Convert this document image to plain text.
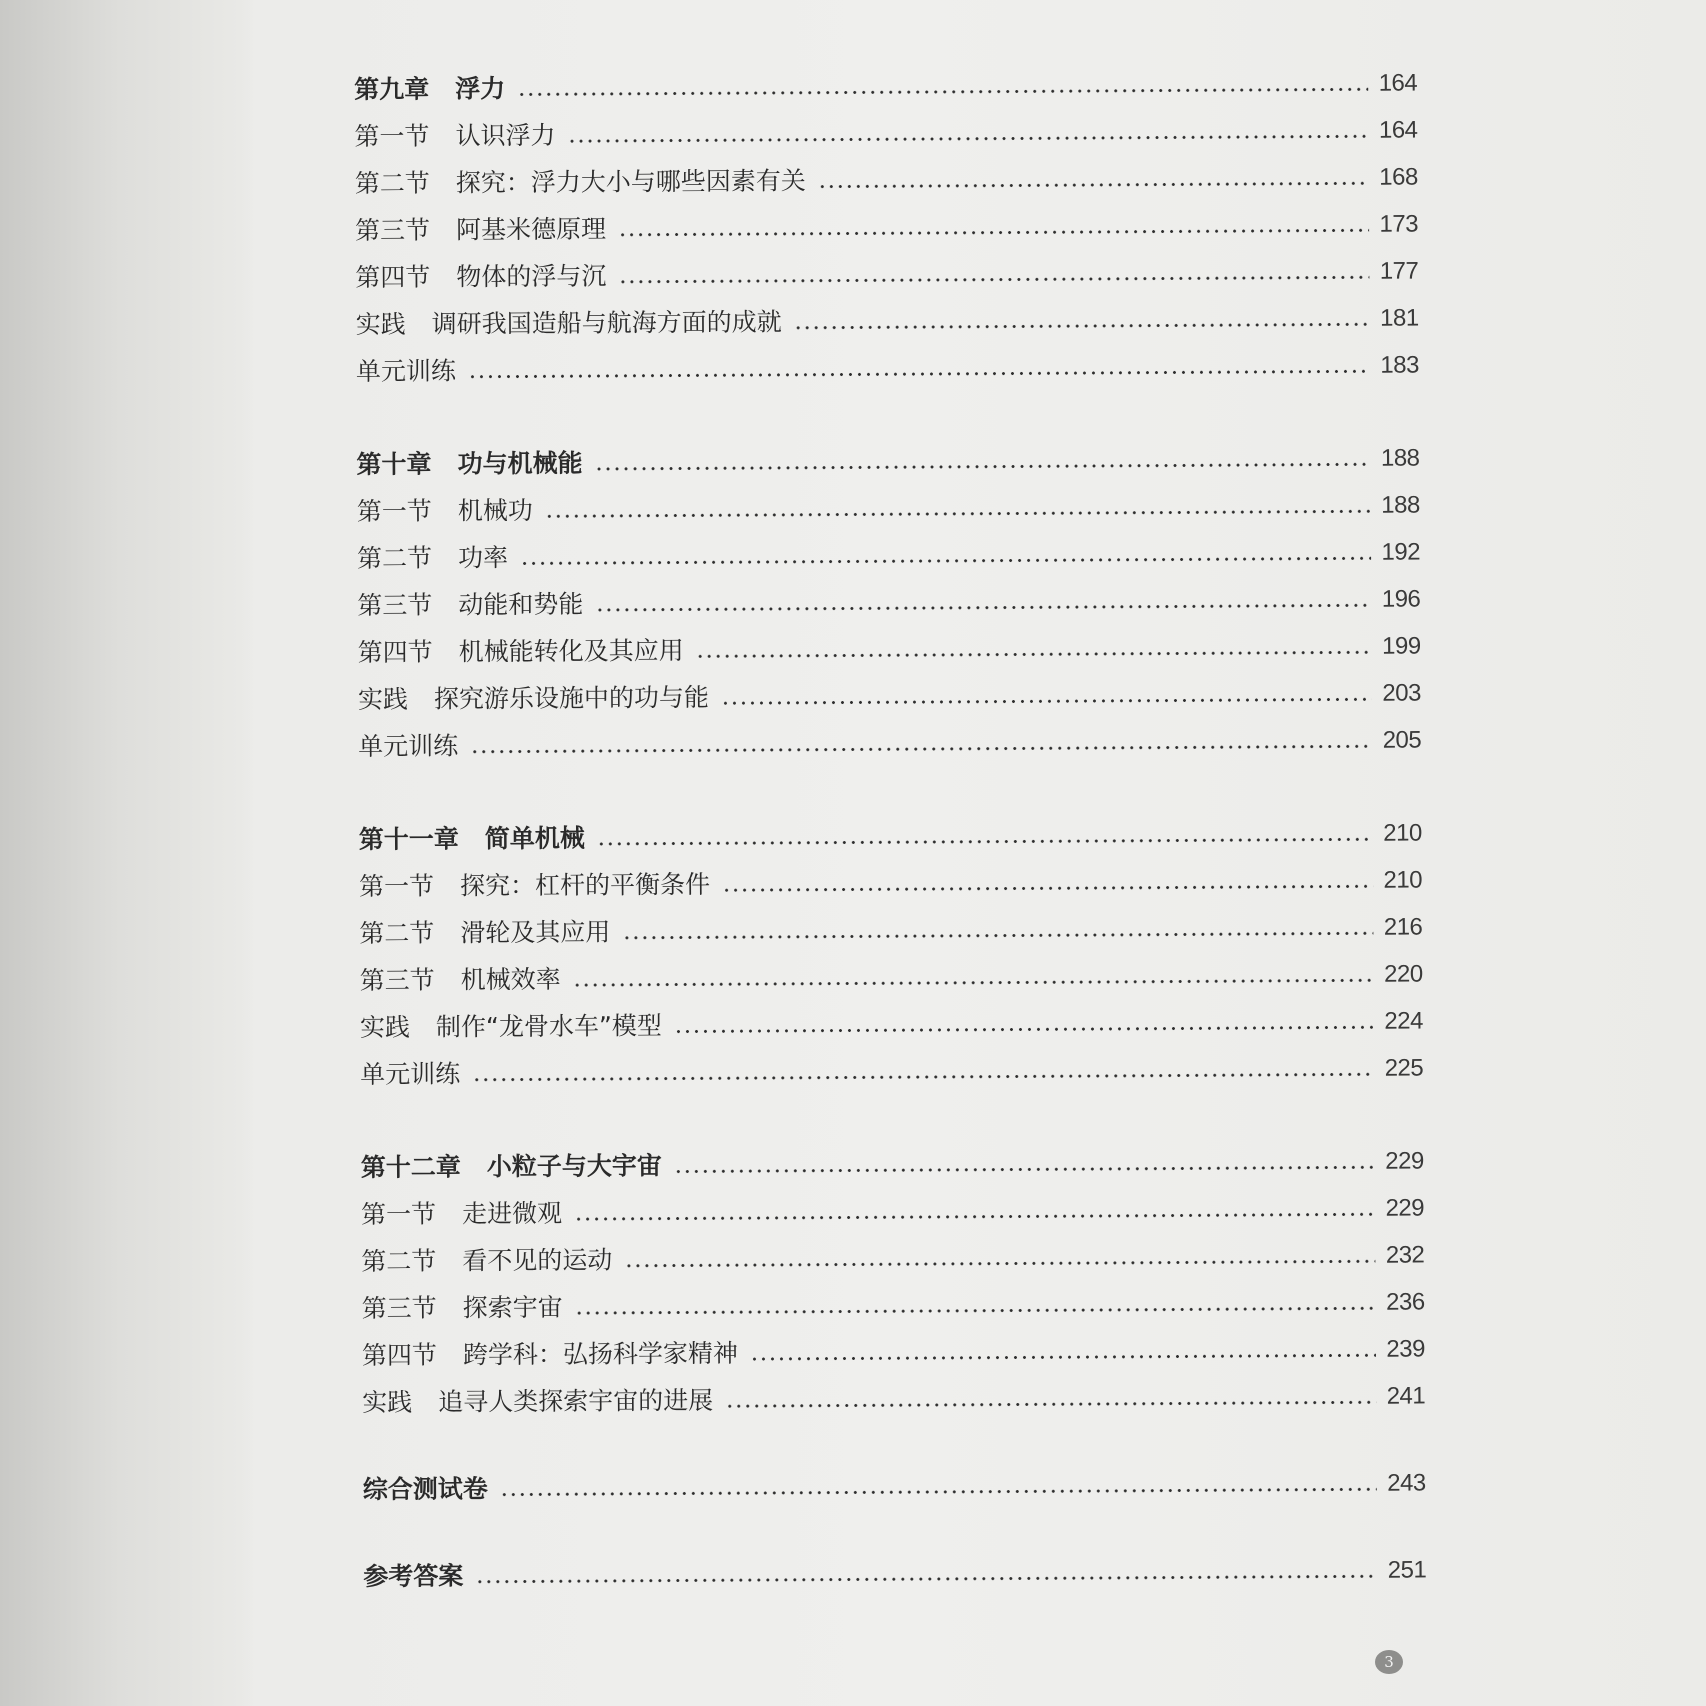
第九章 浮力	164
第一节 认识浮力	164
第二节 探究：浮力大小与哪些因素有关	168
第三节 阿基米德原理	173
第四节 物体的浮与沉	177
实践 调研我国造船与航海方面的成就	181
单元训练	183
第十章 功与机械能	188
第一节 机械功	188
第二节 功率	192
第三节 动能和势能	196
第四节 机械能转化及其应用	199
实践 探究游乐设施中的功与能	203
单元训练	205
第十一章 简单机械	210
第一节 探究：杠杆的平衡条件	210
第二节 滑轮及其应用	216
第三节 机械效率	220
实践 制作“龙骨水车”模型	224
单元训练	225
第十二章 小粒子与大宇宙	229
第一节 走进微观	229
第二节 看不见的运动	232
第三节 探索宇宙	236
第四节 跨学科：弘扬科学家精神	239
实践 追寻人类探索宇宙的进展	241
综合测试卷	243
参考答案	251
3
